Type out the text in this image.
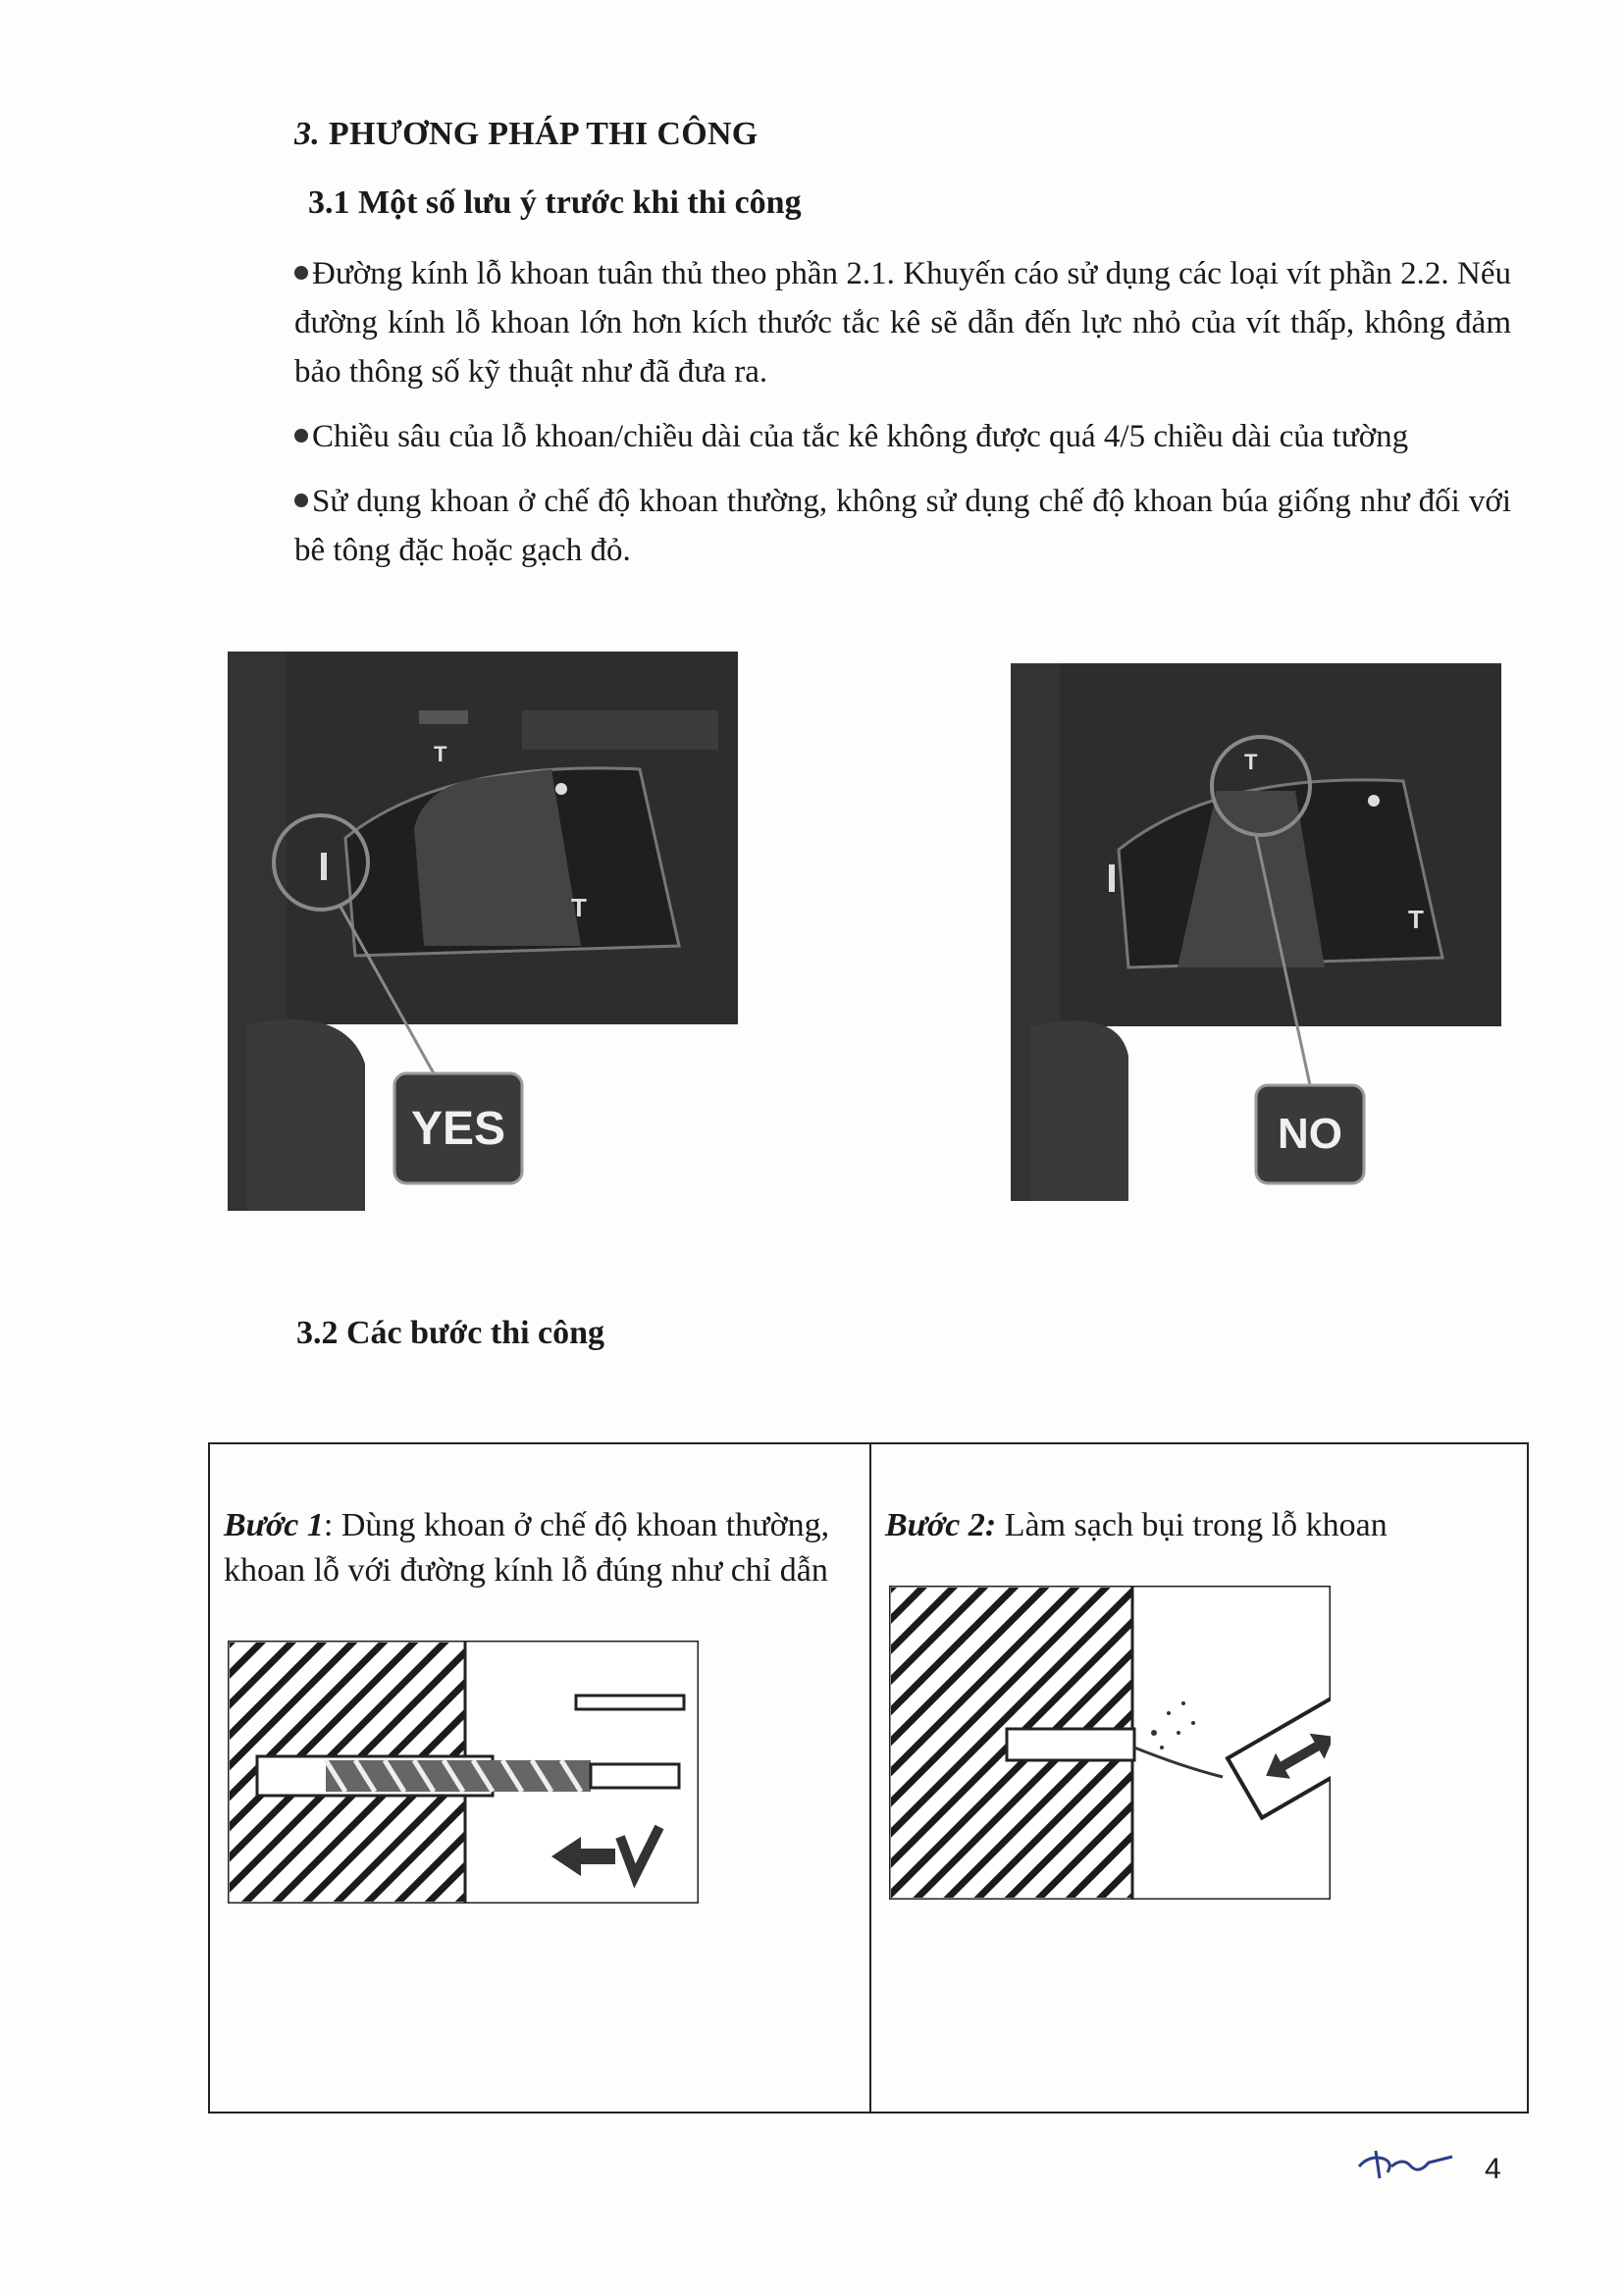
3. PHƯƠNG PHÁP THI CÔNG
3.1 Một số lưu ý trước khi thi công
Đường kính lỗ khoan tuân thủ theo phần 2.1. Khuyến cáo sử dụng các loại vít phần 2.2. Nếu đường kính lỗ khoan lớn hơn kích thước tắc kê sẽ dẫn đến lực nhỏ của vít thấp, không đảm bảo thông số kỹ thuật như đã đưa ra.
Chiều sâu của lỗ khoan/chiều dài của tắc kê không được quá 4/5 chiều dài của tường
Sử dụng khoan ở chế độ khoan thường, không sử dụng chế độ khoan búa giống như đối với bê tông đặc hoặc gạch đỏ.
T
T
YES
T
T
NO
3.2 Các bước thi công
Bước 1: Dùng khoan ở chế độ khoan thường, khoan lỗ với đường kính lỗ đúng như chỉ dẫn
Bước 2: Làm sạch bụi trong lỗ khoan
4
